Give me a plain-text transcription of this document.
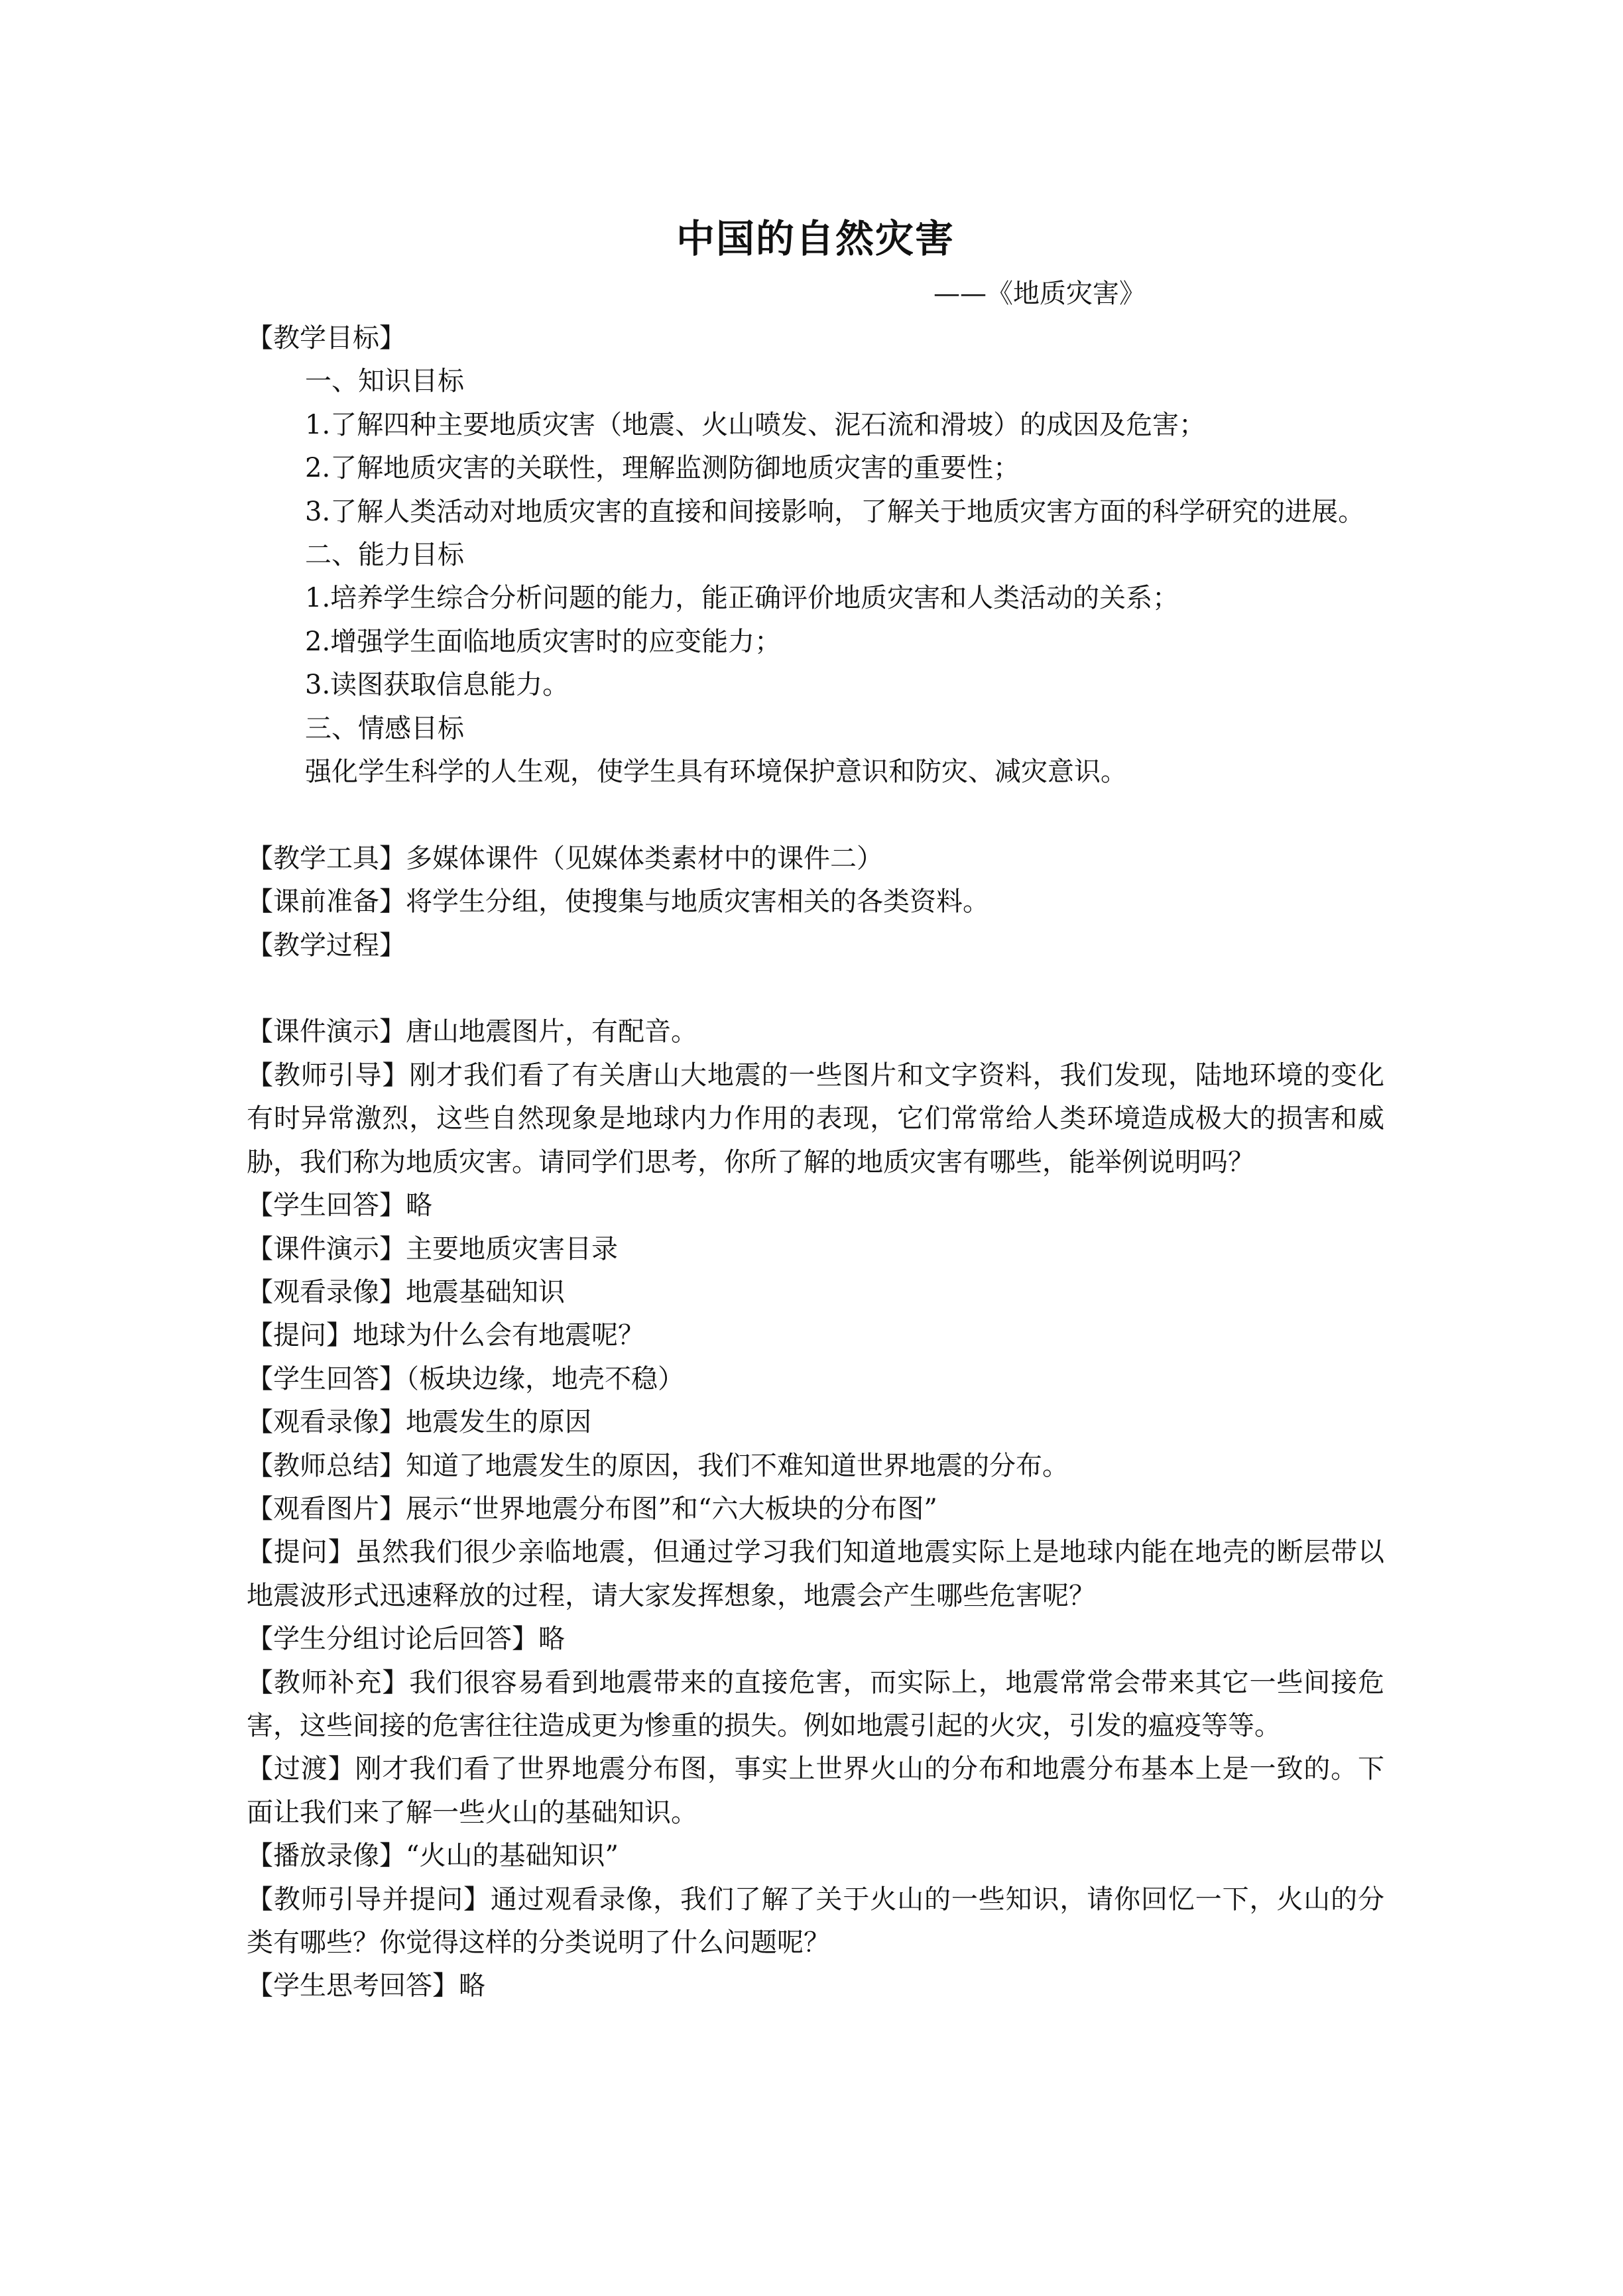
中国的自然灾害
——《地质灾害》
【教学目标】
一、知识目标
1.了解四种主要地质灾害（地震、火山喷发、泥石流和滑坡）的成因及危害；
2.了解地质灾害的关联性，理解监测防御地质灾害的重要性；
3.了解人类活动对地质灾害的直接和间接影响，了解关于地质灾害方面的科学研究的进展。
二、能力目标
1.培养学生综合分析问题的能力，能正确评价地质灾害和人类活动的关系；
2.增强学生面临地质灾害时的应变能力；
3.读图获取信息能力。
三、情感目标
强化学生科学的人生观，使学生具有环境保护意识和防灾、减灾意识。
【教学工具】多媒体课件（见媒体类素材中的课件二）
【课前准备】将学生分组，使搜集与地质灾害相关的各类资料。
【教学过程】
【课件演示】唐山地震图片，有配音。
【教师引导】刚才我们看了有关唐山大地震的一些图片和文字资料，我们发现，陆地环境的变化有时异常激烈，这些自然现象是地球内力作用的表现，它们常常给人类环境造成极大的损害和威胁，我们称为地质灾害。请同学们思考，你所了解的地质灾害有哪些，能举例说明吗？
【学生回答】略
【课件演示】主要地质灾害目录
【观看录像】地震基础知识
【提问】地球为什么会有地震呢？
【学生回答】（板块边缘，地壳不稳）
【观看录像】地震发生的原因
【教师总结】知道了地震发生的原因，我们不难知道世界地震的分布。
【观看图片】展示“世界地震分布图”和“六大板块的分布图”
【提问】虽然我们很少亲临地震，但通过学习我们知道地震实际上是地球内能在地壳的断层带以地震波形式迅速释放的过程，请大家发挥想象，地震会产生哪些危害呢？
【学生分组讨论后回答】略
【教师补充】我们很容易看到地震带来的直接危害，而实际上，地震常常会带来其它一些间接危害，这些间接的危害往往造成更为惨重的损失。例如地震引起的火灾，引发的瘟疫等等。
【过渡】刚才我们看了世界地震分布图，事实上世界火山的分布和地震分布基本上是一致的。下面让我们来了解一些火山的基础知识。
【播放录像】“火山的基础知识”
【教师引导并提问】通过观看录像，我们了解了关于火山的一些知识，请你回忆一下，火山的分类有哪些？你觉得这样的分类说明了什么问题呢？
【学生思考回答】略
